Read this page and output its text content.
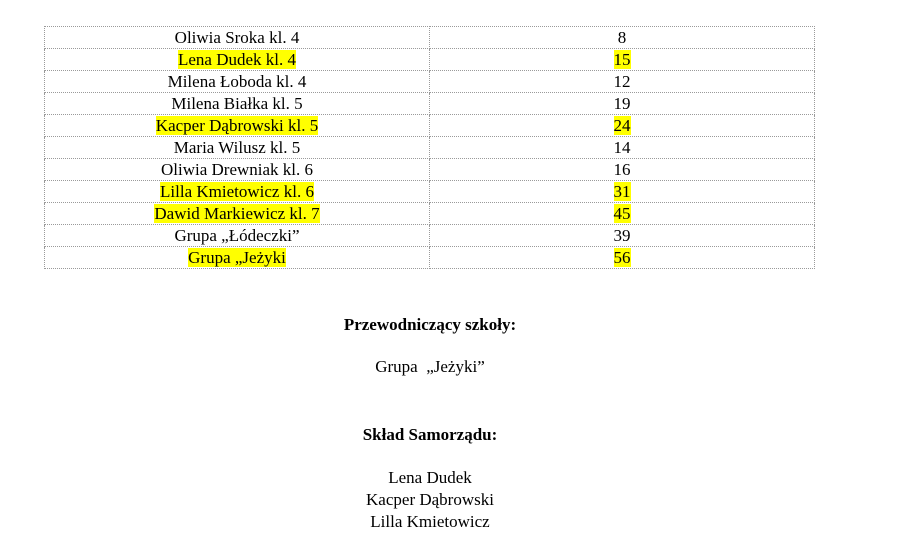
Oliwia Sroka kl. 4	8
Lena Dudek kl. 4	15
Milena Łoboda kl. 4	12
Milena Białka kl. 5	19
Kacper Dąbrowski kl. 5	24
Maria Wilusz kl. 5	14
Oliwia Drewniak kl. 6	16
Lilla Kmietowicz kl. 6	31
Dawid Markiewicz kl. 7	45
Grupa „Łódeczki”	39
Grupa „Jeżyki	56
Przewodniczący szkoły:
Grupa  „Jeżyki”
Skład Samorządu:
Lena Dudek
Kacper Dąbrowski
Lilla Kmietowicz
